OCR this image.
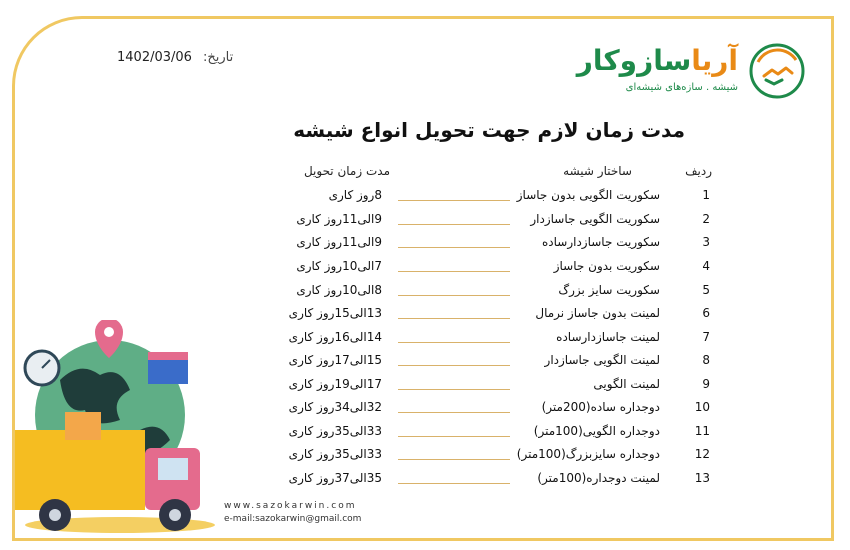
1402/03/06 تاریخ:	آریاسازوکار
شیشه . سازه‌های شیشه‌ای
مدت زمان لازم جهت تحویل انواع شیشه
ردیف
ساختار شیشه
مدت زمان تحویل
1
سکوریت الگویی بدون جاساز
8روز کاری
2
سکوریت الگویی جاسازدار
9الی11روز کاری
3
سکوریت جاسازدارساده
9الی11روز کاری
4
سکوریت بدون جاساز
7الی10روز کاری
5
سکوریت سایز بزرگ
8الی10روز کاری
6
لمینت بدون جاساز نرمال
13الی15روز کاری
7
لمینت جاسازدارساده
14الی16روز کاری
8
لمینت الگویی جاسازدار
15الی17روز کاری
9
لمینت الگویی
17الی19روز کاری
10
دوجداره ساده(200متر)
32الی34روز کاری
11
دوجداره الگویی(100متر)
33الی35روز کاری
12
دوجداره سایزبزرگ(100متر)
33الی35روز کاری
13
لمینت دوجداره(100متر)
35الی37روز کاری
www.sazokarwin.com
e-mail:sazokarwin@gmail.com
